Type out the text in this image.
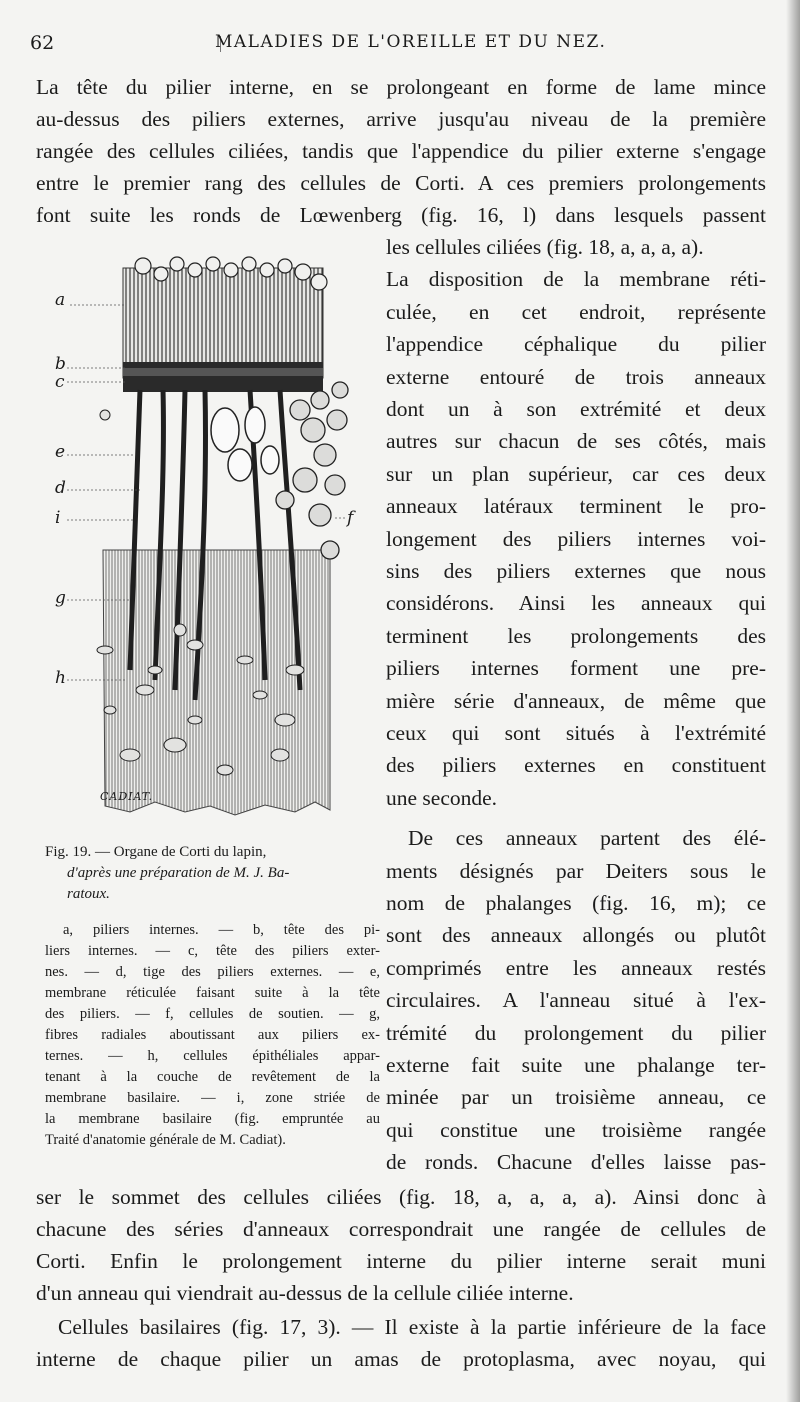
62	MALADIES DE L'OREILLE ET DU NEZ.
La tête du pilier interne, en se prolongeant en forme de lame mince
au-dessus des piliers externes, arrive jusqu'au niveau de la première
rangée des cellules ciliées, tandis que l'appendice du pilier externe s'engage
entre le premier rang des cellules de Corti. A ces premiers prolongements
font suite les ronds de Lœwenberg (fig. 16, l) dans lesquels passent
les cellules ciliées (fig. 18, a, a, a, a).
La disposition de la membrane réti-
culée, en cet endroit, représente
l'appendice céphalique du pilier
externe entouré de trois anneaux
dont un à son extrémité et deux
autres sur chacun de ses côtés, mais
sur un plan supérieur, car ces deux
anneaux latéraux terminent le pro-
longement des piliers internes voi-
sins des piliers externes que nous
considérons. Ainsi les anneaux qui
terminent les prolongements des
piliers internes forment une pre-
mière série d'anneaux, de même que
ceux qui sont situés à l'extrémité
des piliers externes en constituent
une seconde.
De ces anneaux partent des élé-
ments désignés par Deiters sous le
nom de phalanges (fig. 16, m); ce
sont des anneaux allongés ou plutôt
comprimés entre les anneaux restés
circulaires. A l'anneau situé à l'ex-
trémité du prolongement du pilier
externe fait suite une phalange ter-
minée par un troisième anneau, ce
qui constitue une troisième rangée
de ronds. Chacune d'elles laisse pas-
a
b
c
e
d
i
g
h
f
CADIAT.
Fig. 19. — Organe de Corti du lapin,
d'après une préparation de M. J. Ba-
ratoux.
a, piliers internes. — b, tête des pi-
liers internes. — c, tête des piliers exter-
nes. — d, tige des piliers externes. — e,
membrane réticulée faisant suite à la tête
des piliers. — f, cellules de soutien. — g,
fibres radiales aboutissant aux piliers ex-
ternes. — h, cellules épithéliales appar-
tenant à la couche de revêtement de la
membrane basilaire. — i, zone striée de
la membrane basilaire (fig. empruntée au
Traité d'anatomie générale de M. Cadiat).
ser le sommet des cellules ciliées (fig. 18, a, a, a, a). Ainsi donc à
chacune des séries d'anneaux correspondrait une rangée de cellules de
Corti. Enfin le prolongement interne du pilier interne serait muni
d'un anneau qui viendrait au-dessus de la cellule ciliée interne.
Cellules basilaires (fig. 17, 3). — Il existe à la partie inférieure de la face
interne de chaque pilier un amas de protoplasma, avec noyau, qui
